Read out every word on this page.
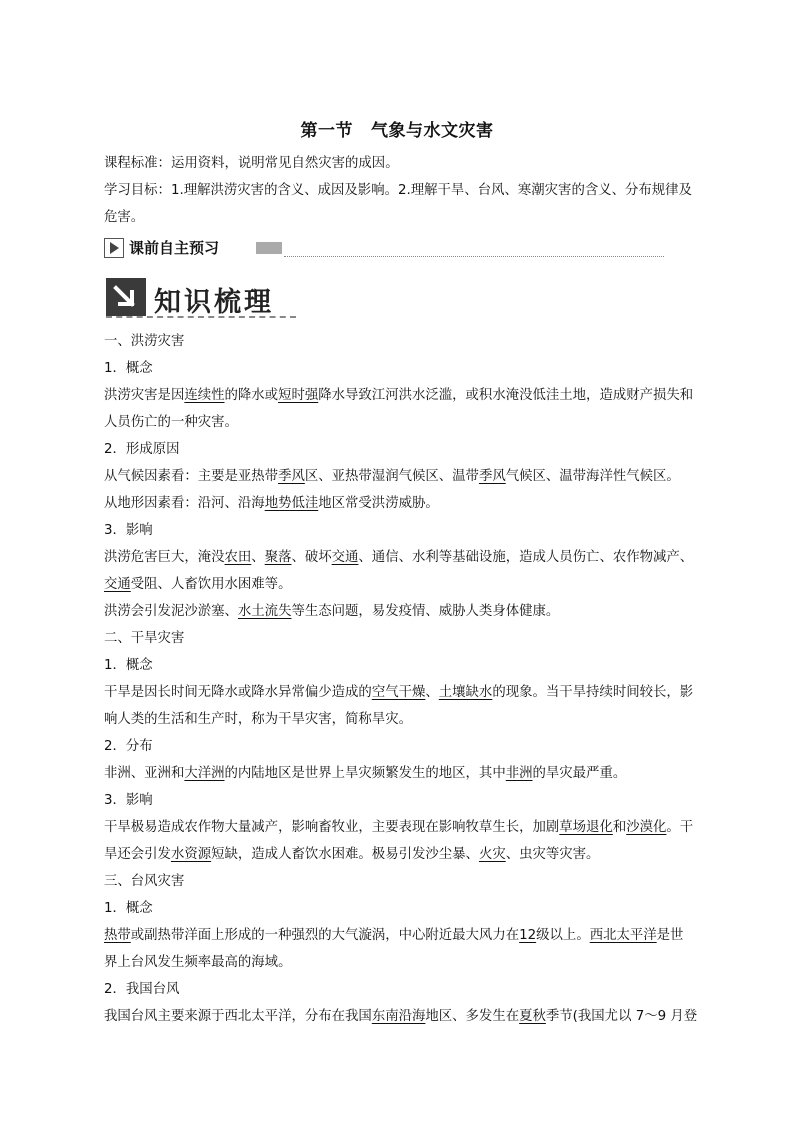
第一节 气象与水文灾害

课程标准：运用资料，说明常见自然灾害的成因。

学习目标：1.理解洪涝灾害的含义、成因及影响。2.理解干旱、台风、寒潮灾害的含义、分布规律及

危害。

课前自主预习
知识梳理

一、洪涝灾害

1．概念

洪涝灾害是因连续性的降水或短时强降水导致江河洪水泛滥，或积水淹没低洼土地，造成财产损失和

人员伤亡的一种灾害。

2．形成原因

从气候因素看：主要是亚热带季风区、亚热带湿润气候区、温带季风气候区、温带海洋性气候区。

从地形因素看：沿河、沿海地势低洼地区常受洪涝威胁。

3．影响

洪涝危害巨大，淹没农田、聚落、破坏交通、通信、水利等基础设施，造成人员伤亡、农作物减产、

交通受阻、人畜饮用水困难等。

洪涝会引发泥沙淤塞、水土流失等生态问题，易发疫情、威胁人类身体健康。

二、干旱灾害

1．概念

干旱是因长时间无降水或降水异常偏少造成的空气干燥、土壤缺水的现象。当干旱持续时间较长，影

响人类的生活和生产时，称为干旱灾害，简称旱灾。

2．分布

非洲、亚洲和大洋洲的内陆地区是世界上旱灾频繁发生的地区，其中非洲的旱灾最严重。

3．影响

干旱极易造成农作物大量减产，影响畜牧业，主要表现在影响牧草生长，加剧草场退化和沙漠化。干

旱还会引发水资源短缺，造成人畜饮水困难。极易引发沙尘暴、火灾、虫灾等灾害。

三、台风灾害

1．概念

热带或副热带洋面上形成的一种强烈的大气漩涡，中心附近最大风力在12级以上。西北太平洋是世

界上台风发生频率最高的海域。

2．我国台风

我国台风主要来源于西北太平洋，分布在我国东南沿海地区、多发生在夏秋季节(我国尤以 7～9 月登
